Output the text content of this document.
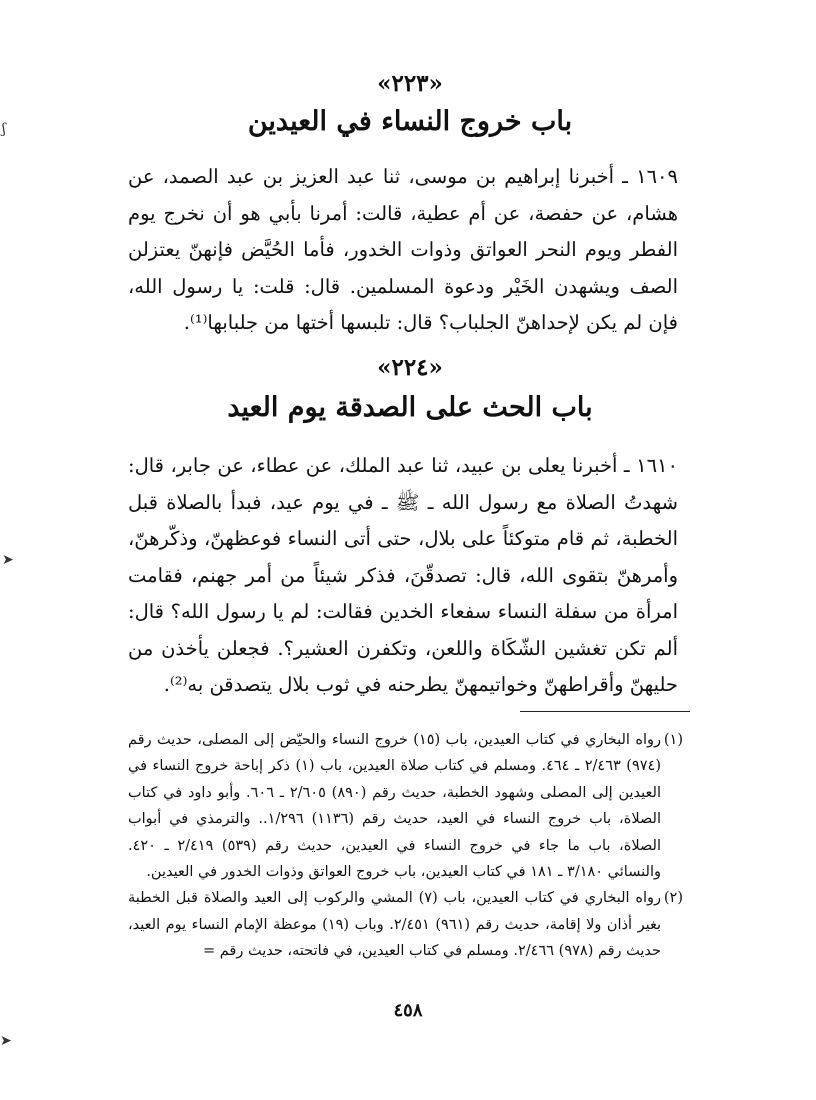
ʃ
➤
➤
«٢٢٣»
باب خروج النساء في العيدين

١٦٠٩ ـ أخبرنا إبراهيم بن موسى، ثنا عبد العزيز بن عبد الصمد، عن هشام، عن حفصة، عن أم عطية، قالت: أمرنا بأبي هو أن نخرج يوم الفطر ويوم النحر العواتق وذوات الخدور، فأما الحُيَّض فإنهنّ يعتزلن الصف ويشهدن الخَيْر ودعوة المسلمين. قال: قلت: يا رسول الله، فإن لم يكن لإحداهنّ الجلباب؟ قال: تلبسها أختها من جلبابها⁽¹⁾.

«٢٢٤»
باب الحث على الصدقة يوم العيد

١٦١٠ ـ أخبرنا يعلى بن عبيد، ثنا عبد الملك، عن عطاء، عن جابر، قال: شهدتُ الصلاة مع رسول الله ـ ﷺ ـ في يوم عيد، فبدأ بالصلاة قبل الخطبة، ثم قام متوكئاً على بلال، حتى أتى النساء فوعظهنّ، وذكّرهنّ، وأمرهنّ بتقوى الله، قال: تصدقّنَ، فذكر شيئاً من أمر جهنم، فقامت امرأة من سفلة النساء سفعاء الخدين فقالت: لم يا رسول الله؟ قال: ألم تكن تغشين الشّكَاة واللعن، وتكفرن العشير؟. فجعلن يأخذن من حليهنّ وأقراطهنّ وخواتيمهنّ يطرحنه في ثوب بلال يتصدقن به⁽²⁾.

(١)
رواه البخاري في كتاب العيدين، باب (١٥) خروج النساء والحيّض إلى المصلى، حديث رقم (٩٧٤) ٢/٤٦٣ ـ ٤٦٤. ومسلم في كتاب صلاة العيدين، باب (١) ذكر إباحة خروج النساء في العيدين إلى المصلى وشهود الخطبة، حديث رقم (٨٩٠) ٢/٦٠٥ ـ ٦٠٦. وأبو داود في كتاب الصلاة، باب خروج النساء في العيد، حديث رقم (١١٣٦) ١/٢٩٦.. والترمذي في أبواب الصلاة، باب ما جاء في خروج النساء في العيدين، حديث رقم (٥٣٩) ٢/٤١٩ ـ ٤٢٠. والنسائي ٣/١٨٠ ـ ١٨١ في كتاب العيدين، باب خروج العواتق وذوات الخدور في العيدين.
(٢)
رواه البخاري في كتاب العيدين، باب (٧) المشي والركوب إلى العيد والصلاة قبل الخطبة بغير أذان ولا إقامة، حديث رقم (٩٦١) ٢/٤٥١. وباب (١٩) موعظة الإمام النساء يوم العيد، حديث رقم (٩٧٨) ٢/٤٦٦. ومسلم في كتاب العيدين، في فاتحته، حديث رقم =
٤٥٨
